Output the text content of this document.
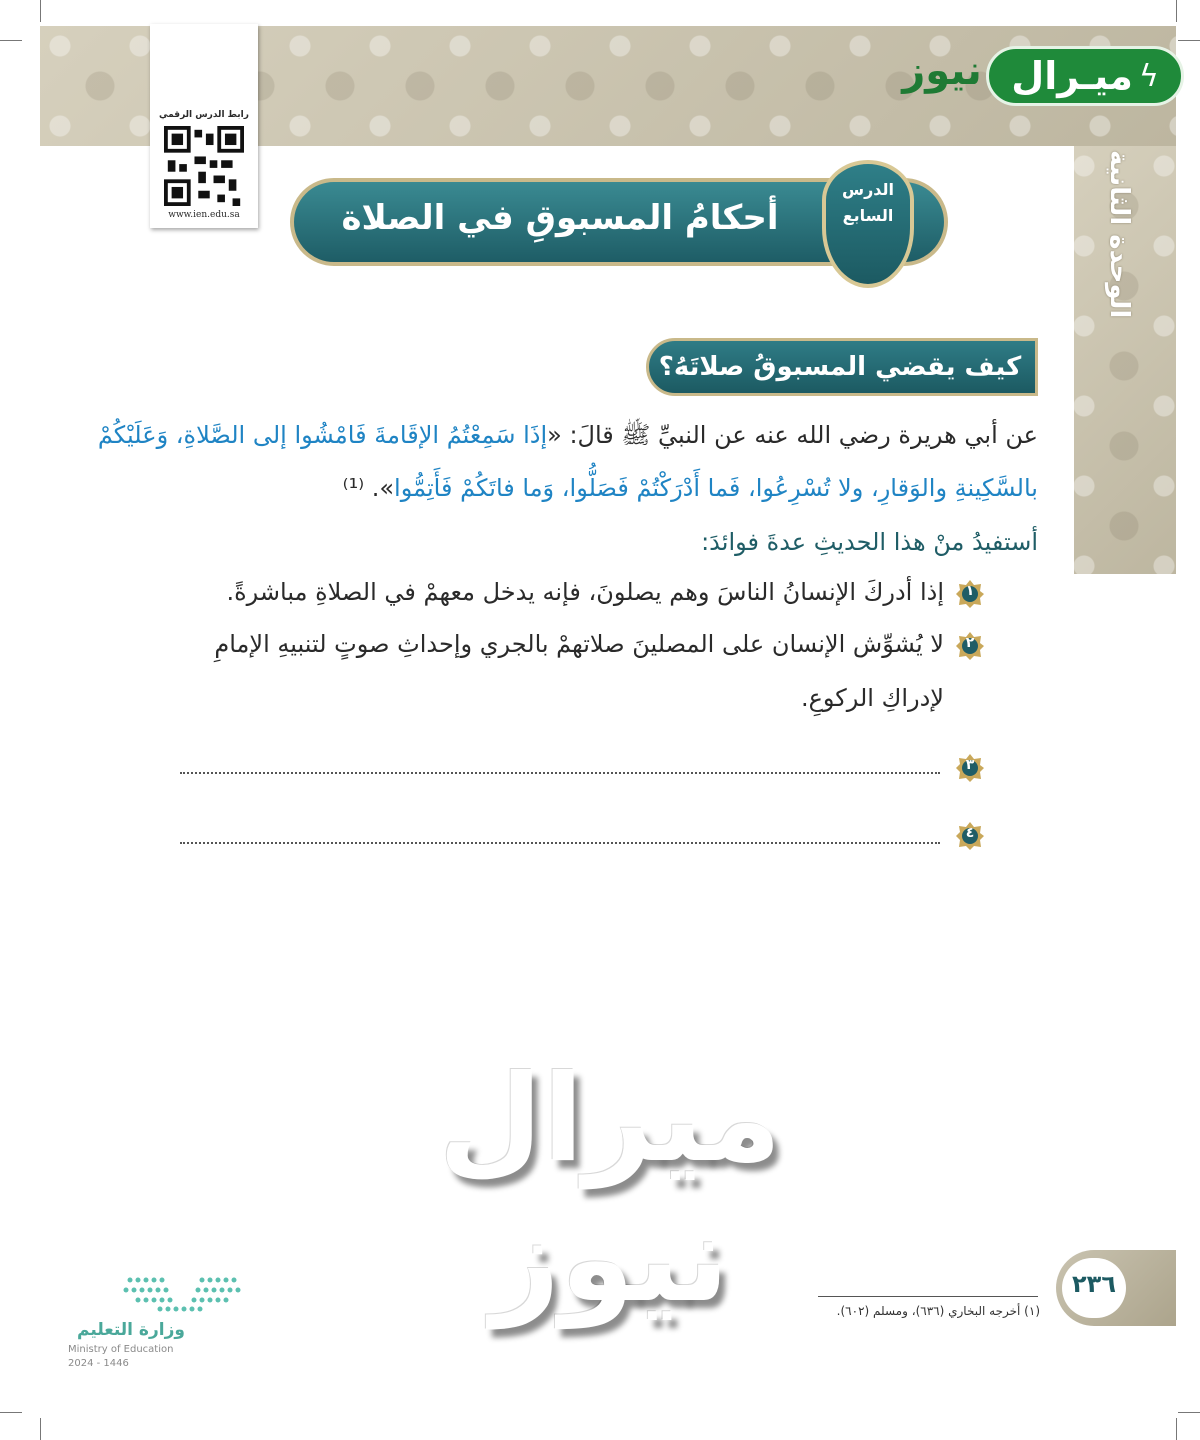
الوحدة الثانية
ميـرال ϟ
نيوز
رابط الدرس الرقمي
www.ien.edu.sa	أحكامُ المسبوقِ في الصلاة
الدرس
السابع
كيف يقضي المسبوقُ صلاتَهُ؟
عن أبي هريرة رضي الله عنه عن النبيِّ ﷺ قالَ: «إذَا سَمِعْتُمُ الإقَامةَ فَامْشُوا إلى الصَّلاةِ، وَعَلَيْكُمْ
بالسَّكِينةِ والوَقارِ، ولا تُسْرِعُوا، فَما أَدْرَكْتُمْ فَصَلُّوا، وَما فاتَكُمْ فَأَتِمُّوا». ⁽¹⁾
أستفيدُ منْ هذا الحديثِ عدةَ فوائدَ:
١
إذا أدركَ الإنسانُ الناسَ وهم يصلونَ، فإنه يدخل معهمْ في الصلاةِ مباشرةً.
٢
لا يُشوِّش الإنسان على المصلينَ صلاتهمْ بالجري وإحداثِ صوتٍ لتنبيهِ الإمامِ
لإدراكِ الركوعِ.
٣
٤
ميرال نيوز	٢٣٦
(١) أخرجه البخاري (٦٣٦)، ومسلم (٦٠٢).
وزارة التعليم
Ministry of Education
2024 - 1446
